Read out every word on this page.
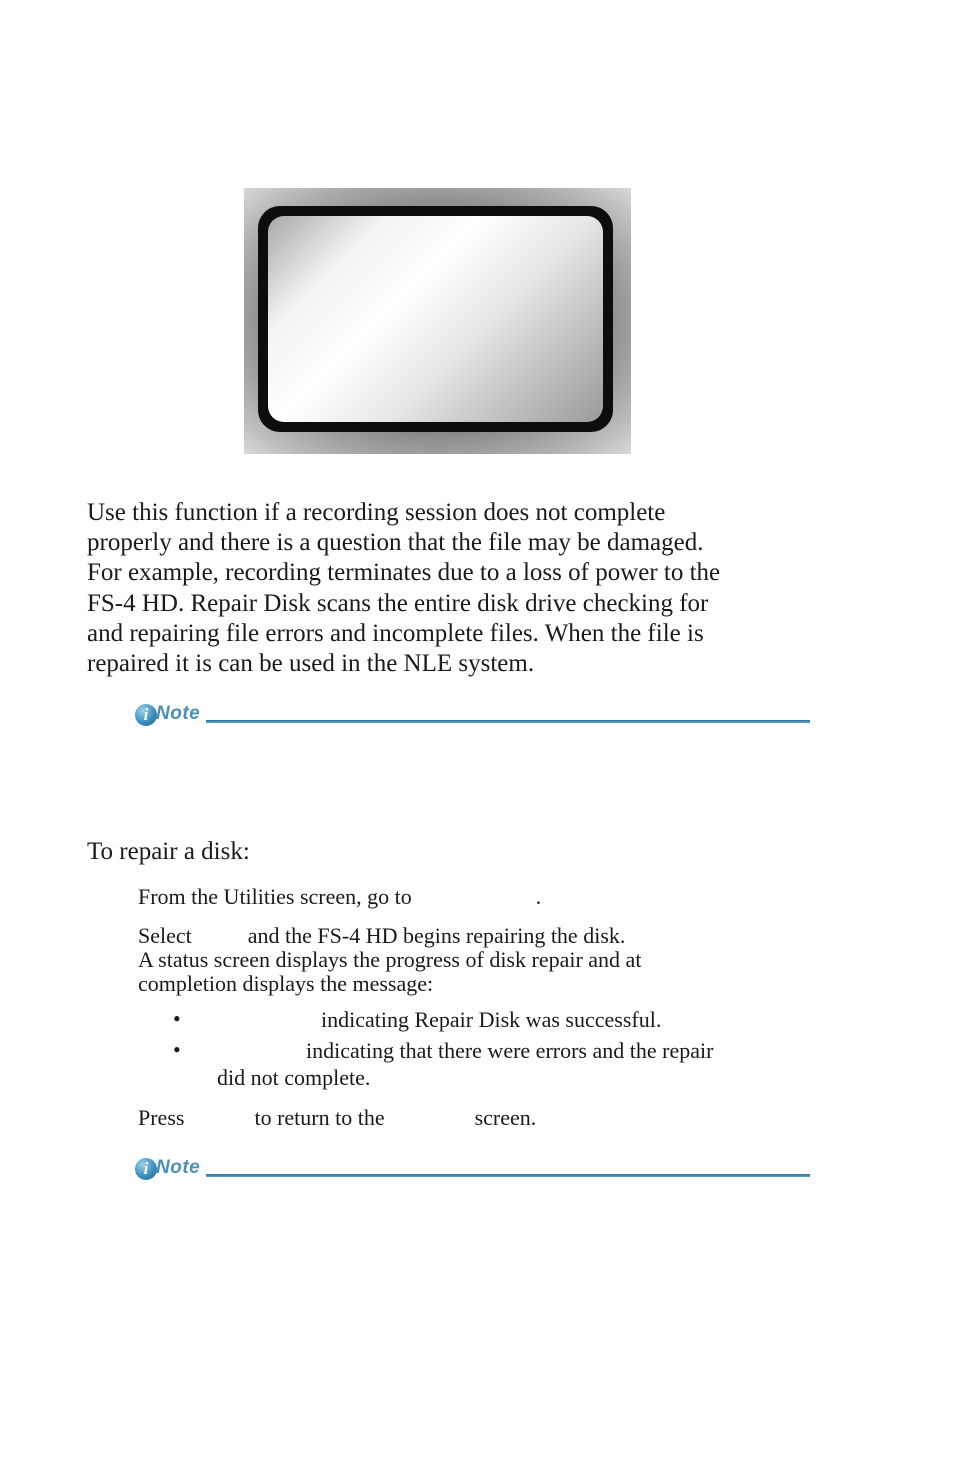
Use this function if a recording session does not complete
properly and there is a question that the file may be damaged.
For example, recording terminates due to a loss of power to the
FS-4 HD. Repair Disk scans the entire disk drive checking for
and repairing file errors and incomplete files. When the file is
repaired it is can be used in the NLE system.
i Note
To repair a disk:

From the Utilities screen, go to	.

Select	and the FS-4 HD begins repairing the disk.

A status screen displays the progress of disk repair and at

completion displays the message:

•	indicating Repair Disk was successful.

•	indicating that there were errors and the repair

did not complete.

Press	to return to the	screen.

i Note
